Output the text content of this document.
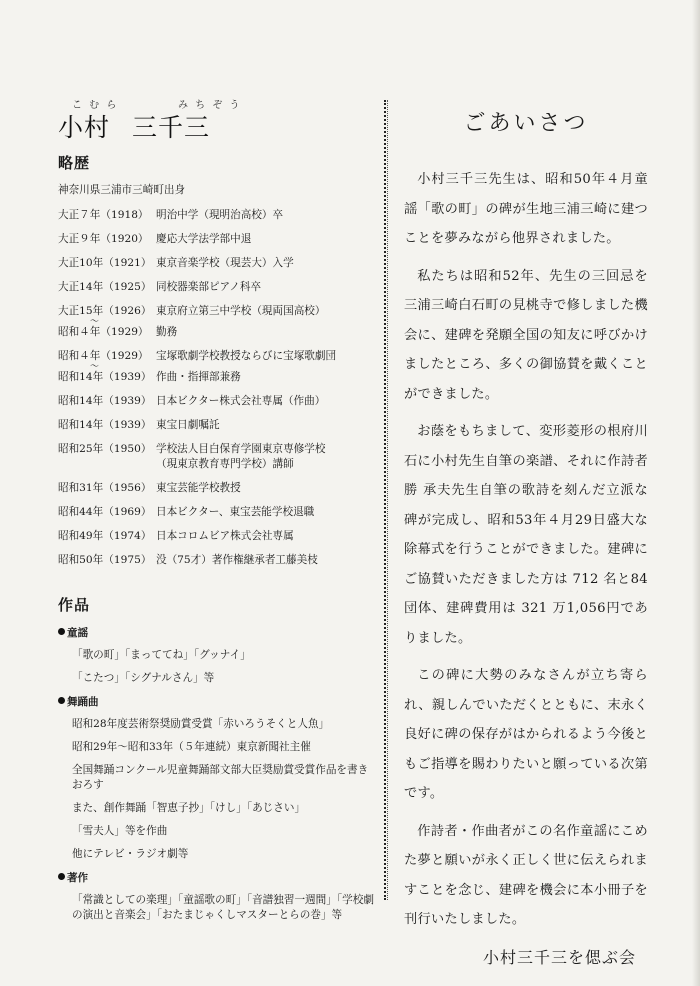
こ む ら	み ち ぞ う
小村 三千三
略歴
神奈川県三浦市三崎町出身
大正７年（1918） 明治中学（現明治高校）卒
大正９年（1920） 慶応大学法学部中退
大正10年（1921） 東京音楽学校（現芸大）入学
大正14年（1925） 同校器楽部ピアノ科卒
大正15年（1926）
〜
昭和４年（1929）
東京府立第三中学校（現両国高校）
勤務
昭和４年（1929）
〜
昭和14年（1939）
宝塚歌劇学校教授ならびに宝塚歌劇団
作曲・指揮部兼務
昭和14年（1939） 日本ビクター株式会社専属（作曲）
昭和14年（1939） 東宝日劇嘱託
昭和25年（1950） 学校法人目白保育学園東京専修学校
（現東京教育専門学校）講師
昭和31年（1956） 東宝芸能学校教授
昭和44年（1969） 日本ビクター、東宝芸能学校退職
昭和49年（1974） 日本コロムビア株式会社専属
昭和50年（1975） 没（75才）著作権継承者工藤美枝
作品
童謡
「歌の町」「まっててね」「グッナイ」
「こたつ」「シグナルさん」等
舞踊曲
昭和28年度芸術祭奨励賞受賞「赤いろうそくと人魚」
昭和29年〜昭和33年（５年連続）東京新聞社主催
全国舞踊コンクール児童舞踊部文部大臣奨励賞受賞作品を書きおろす
また、創作舞踊「智恵子抄」「けし」「あじさい」
「雪夫人」等を作曲
他にテレビ・ラジオ劇等
著作
「常識としての楽理」「童謡歌の町」「音譜独習一週間」「学校劇の演出と音楽会」「おたまじゃくしマスターとらの巻」等
ごあいさつ

小村三千三先生は、昭和50年４月童謡「歌の町」の碑が生地三浦三崎に建つことを夢みながら他界されました。

私たちは昭和52年、先生の三回忌を三浦三崎白石町の見桃寺で修しました機会に、建碑を発願全国の知友に呼びかけましたところ、多くの御協賛を戴くことができました。

お蔭をもちまして、変形菱形の根府川石に小村先生自筆の楽譜、それに作詩者 勝 承夫先生自筆の歌詩を刻んだ立派な碑が完成し、昭和53年４月29日盛大な除幕式を行うことができました。建碑にご協賛いただきました方は 712 名と84団体、建碑費用は 321 万1,056円でありました。

この碑に大勢のみなさんが立ち寄られ、親しんでいただくとともに、末永く良好に碑の保存がはかられるよう今後ともご指導を賜わりたいと願っている次第です。

作詩者・作曲者がこの名作童謡にこめた夢と願いが永く正しく世に伝えられますことを念じ、建碑を機会に本小冊子を刊行いたしました。

小村三千三を偲ぶ会
